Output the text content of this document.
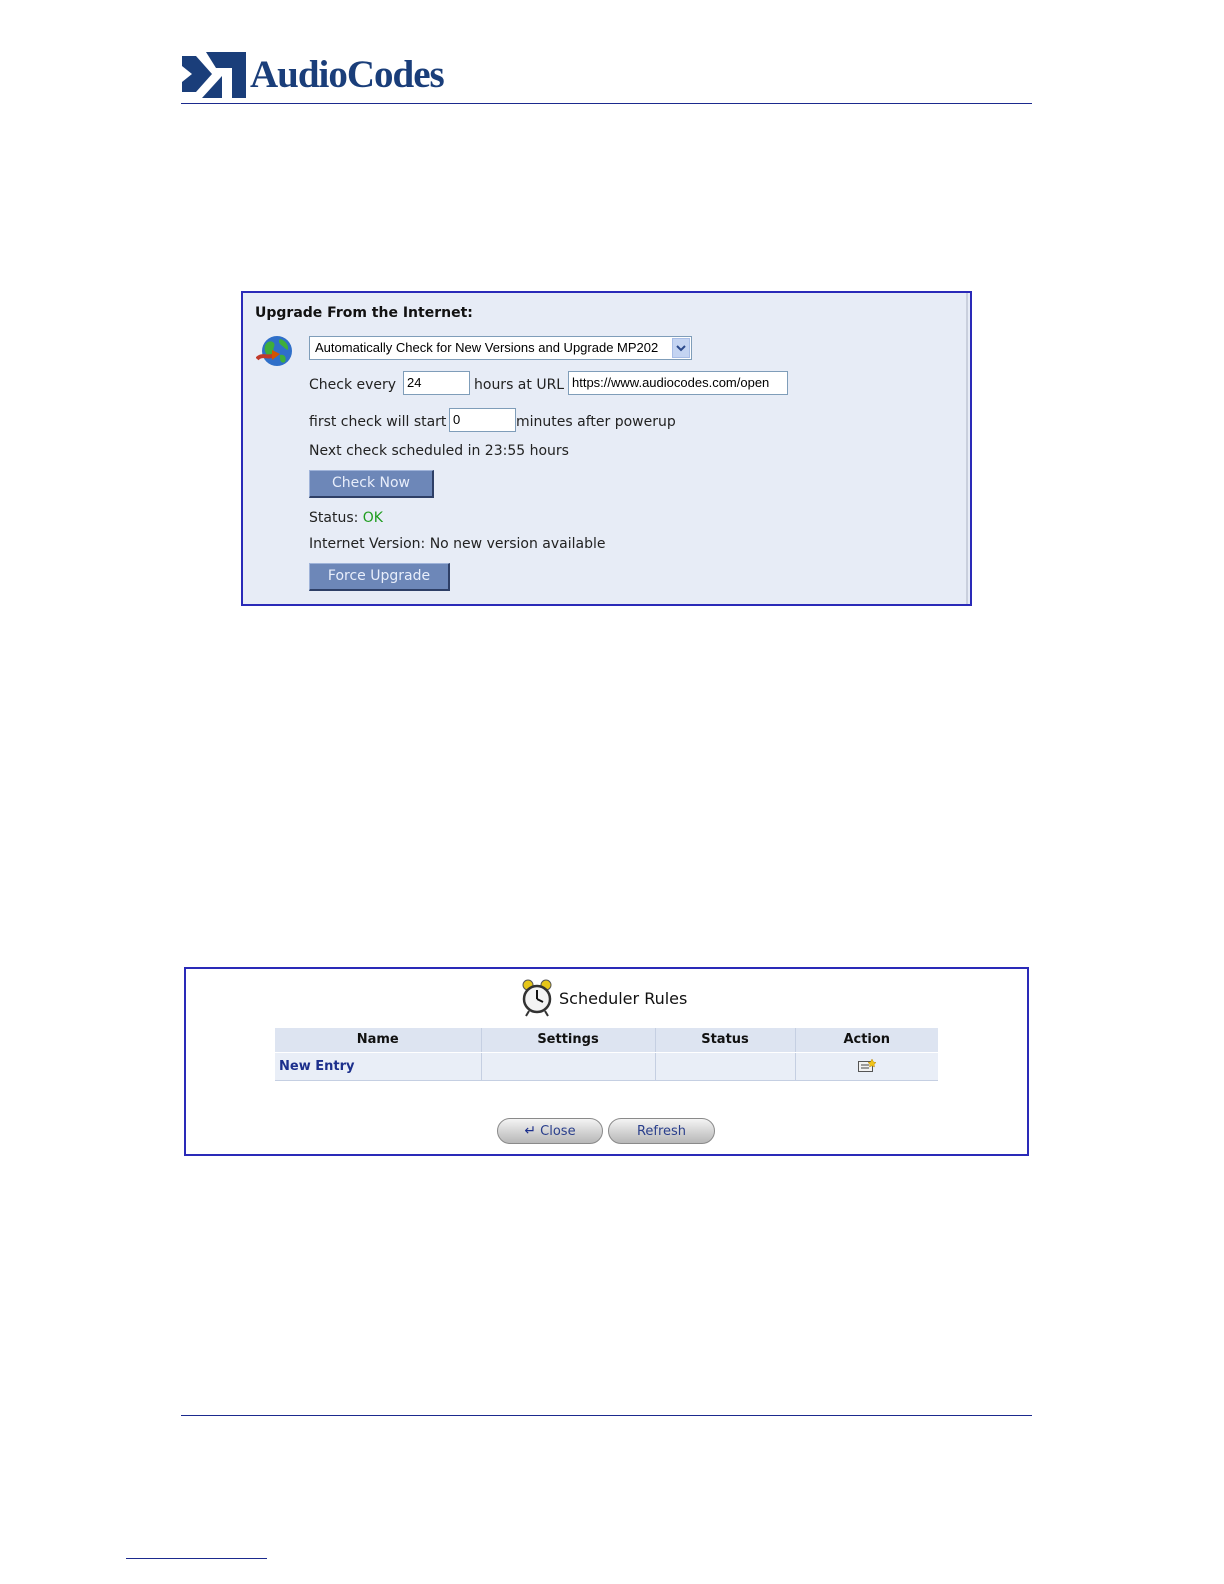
AudioCodes
Upgrade From the Internet:
Automatically Check for New Versions and Upgrade MP202
Check every 24	hours at URL https://www.audiocodes.com/open
first check will start 0	minutes after powerup
Next check scheduled in 23:55 hours
Check Now
Status: OK
Internet Version: No new version available
Force Upgrade
Scheduler Rules
Name	Settings	Status	Action
New Entry			
↵ Close	Refresh
